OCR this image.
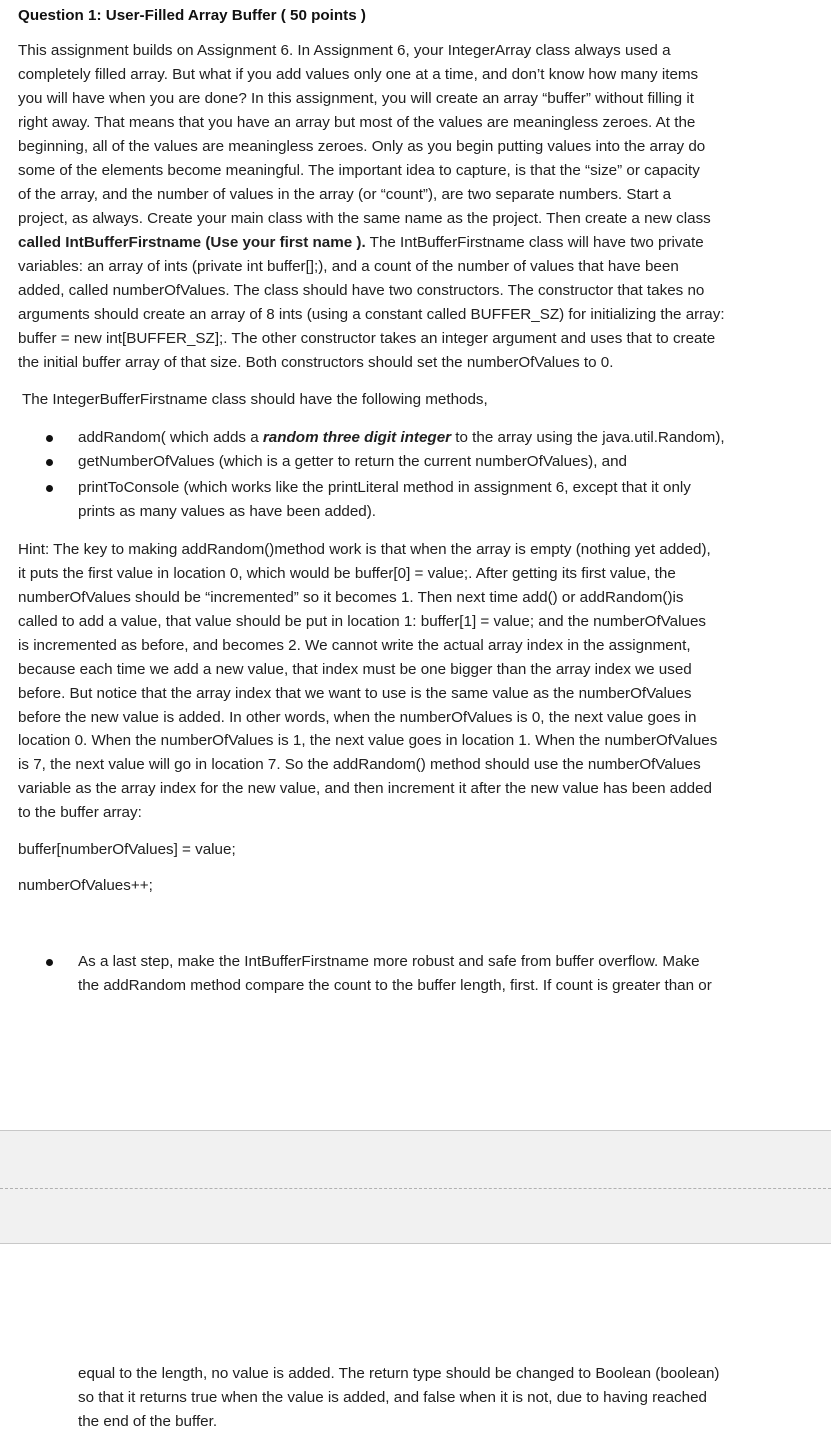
Question 1: User-Filled Array Buffer ( 50 points )
This assignment builds on Assignment 6. In Assignment 6, your IntegerArray class always used a
completely filled array. But what if you add values only one at a time, and don’t know how many items
you will have when you are done? In this assignment, you will create an array “buffer” without filling it
right away. That means that you have an array but most of the values are meaningless zeroes. At the
beginning, all of the values are meaningless zeroes. Only as you begin putting values into the array do
some of the elements become meaningful. The important idea to capture, is that the “size” or capacity
of the array, and the number of values in the array (or “count”), are two separate numbers. Start a
project, as always. Create your main class with the same name as the project. Then create a new class
called IntBufferFirstname (Use your first name ). The IntBufferFirstname class will have two private
variables: an array of ints (private int buffer[];), and a count of the number of values that have been
added, called numberOfValues. The class should have two constructors. The constructor that takes no
arguments should create an array of 8 ints (using a constant called BUFFER_SZ) for initializing the array:
buffer = new int[BUFFER_SZ];. The other constructor takes an integer argument and uses that to create
the initial buffer array of that size. Both constructors should set the numberOfValues to 0.
The IntegerBufferFirstname class should have the following methods,
addRandom( which adds a random three digit integer to the array using the java.util.Random),
getNumberOfValues (which is a getter to return the current numberOfValues), and
printToConsole (which works like the printLiteral method in assignment 6, except that it only
prints as many values as have been added).
Hint: The key to making addRandom()method work is that when the array is empty (nothing yet added),
it puts the first value in location 0, which would be buffer[0] = value;. After getting its first value, the
numberOfValues should be “incremented” so it becomes 1. Then next time add() or addRandom()is
called to add a value, that value should be put in location 1: buffer[1] = value; and the numberOfValues
is incremented as before, and becomes 2. We cannot write the actual array index in the assignment,
because each time we add a new value, that index must be one bigger than the array index we used
before. But notice that the array index that we want to use is the same value as the numberOfValues
before the new value is added. In other words, when the numberOfValues is 0, the next value goes in
location 0. When the numberOfValues is 1, the next value goes in location 1. When the numberOfValues
is 7, the next value will go in location 7. So the addRandom() method should use the numberOfValues
variable as the array index for the new value, and then increment it after the new value has been added
to the buffer array:
buffer[numberOfValues] = value;
numberOfValues++;
As a last step, make the IntBufferFirstname more robust and safe from buffer overflow. Make
the addRandom method compare the count to the buffer length, first. If count is greater than or
equal to the length, no value is added. The return type should be changed to Boolean (boolean)
so that it returns true when the value is added, and false when it is not, due to having reached
the end of the buffer.
